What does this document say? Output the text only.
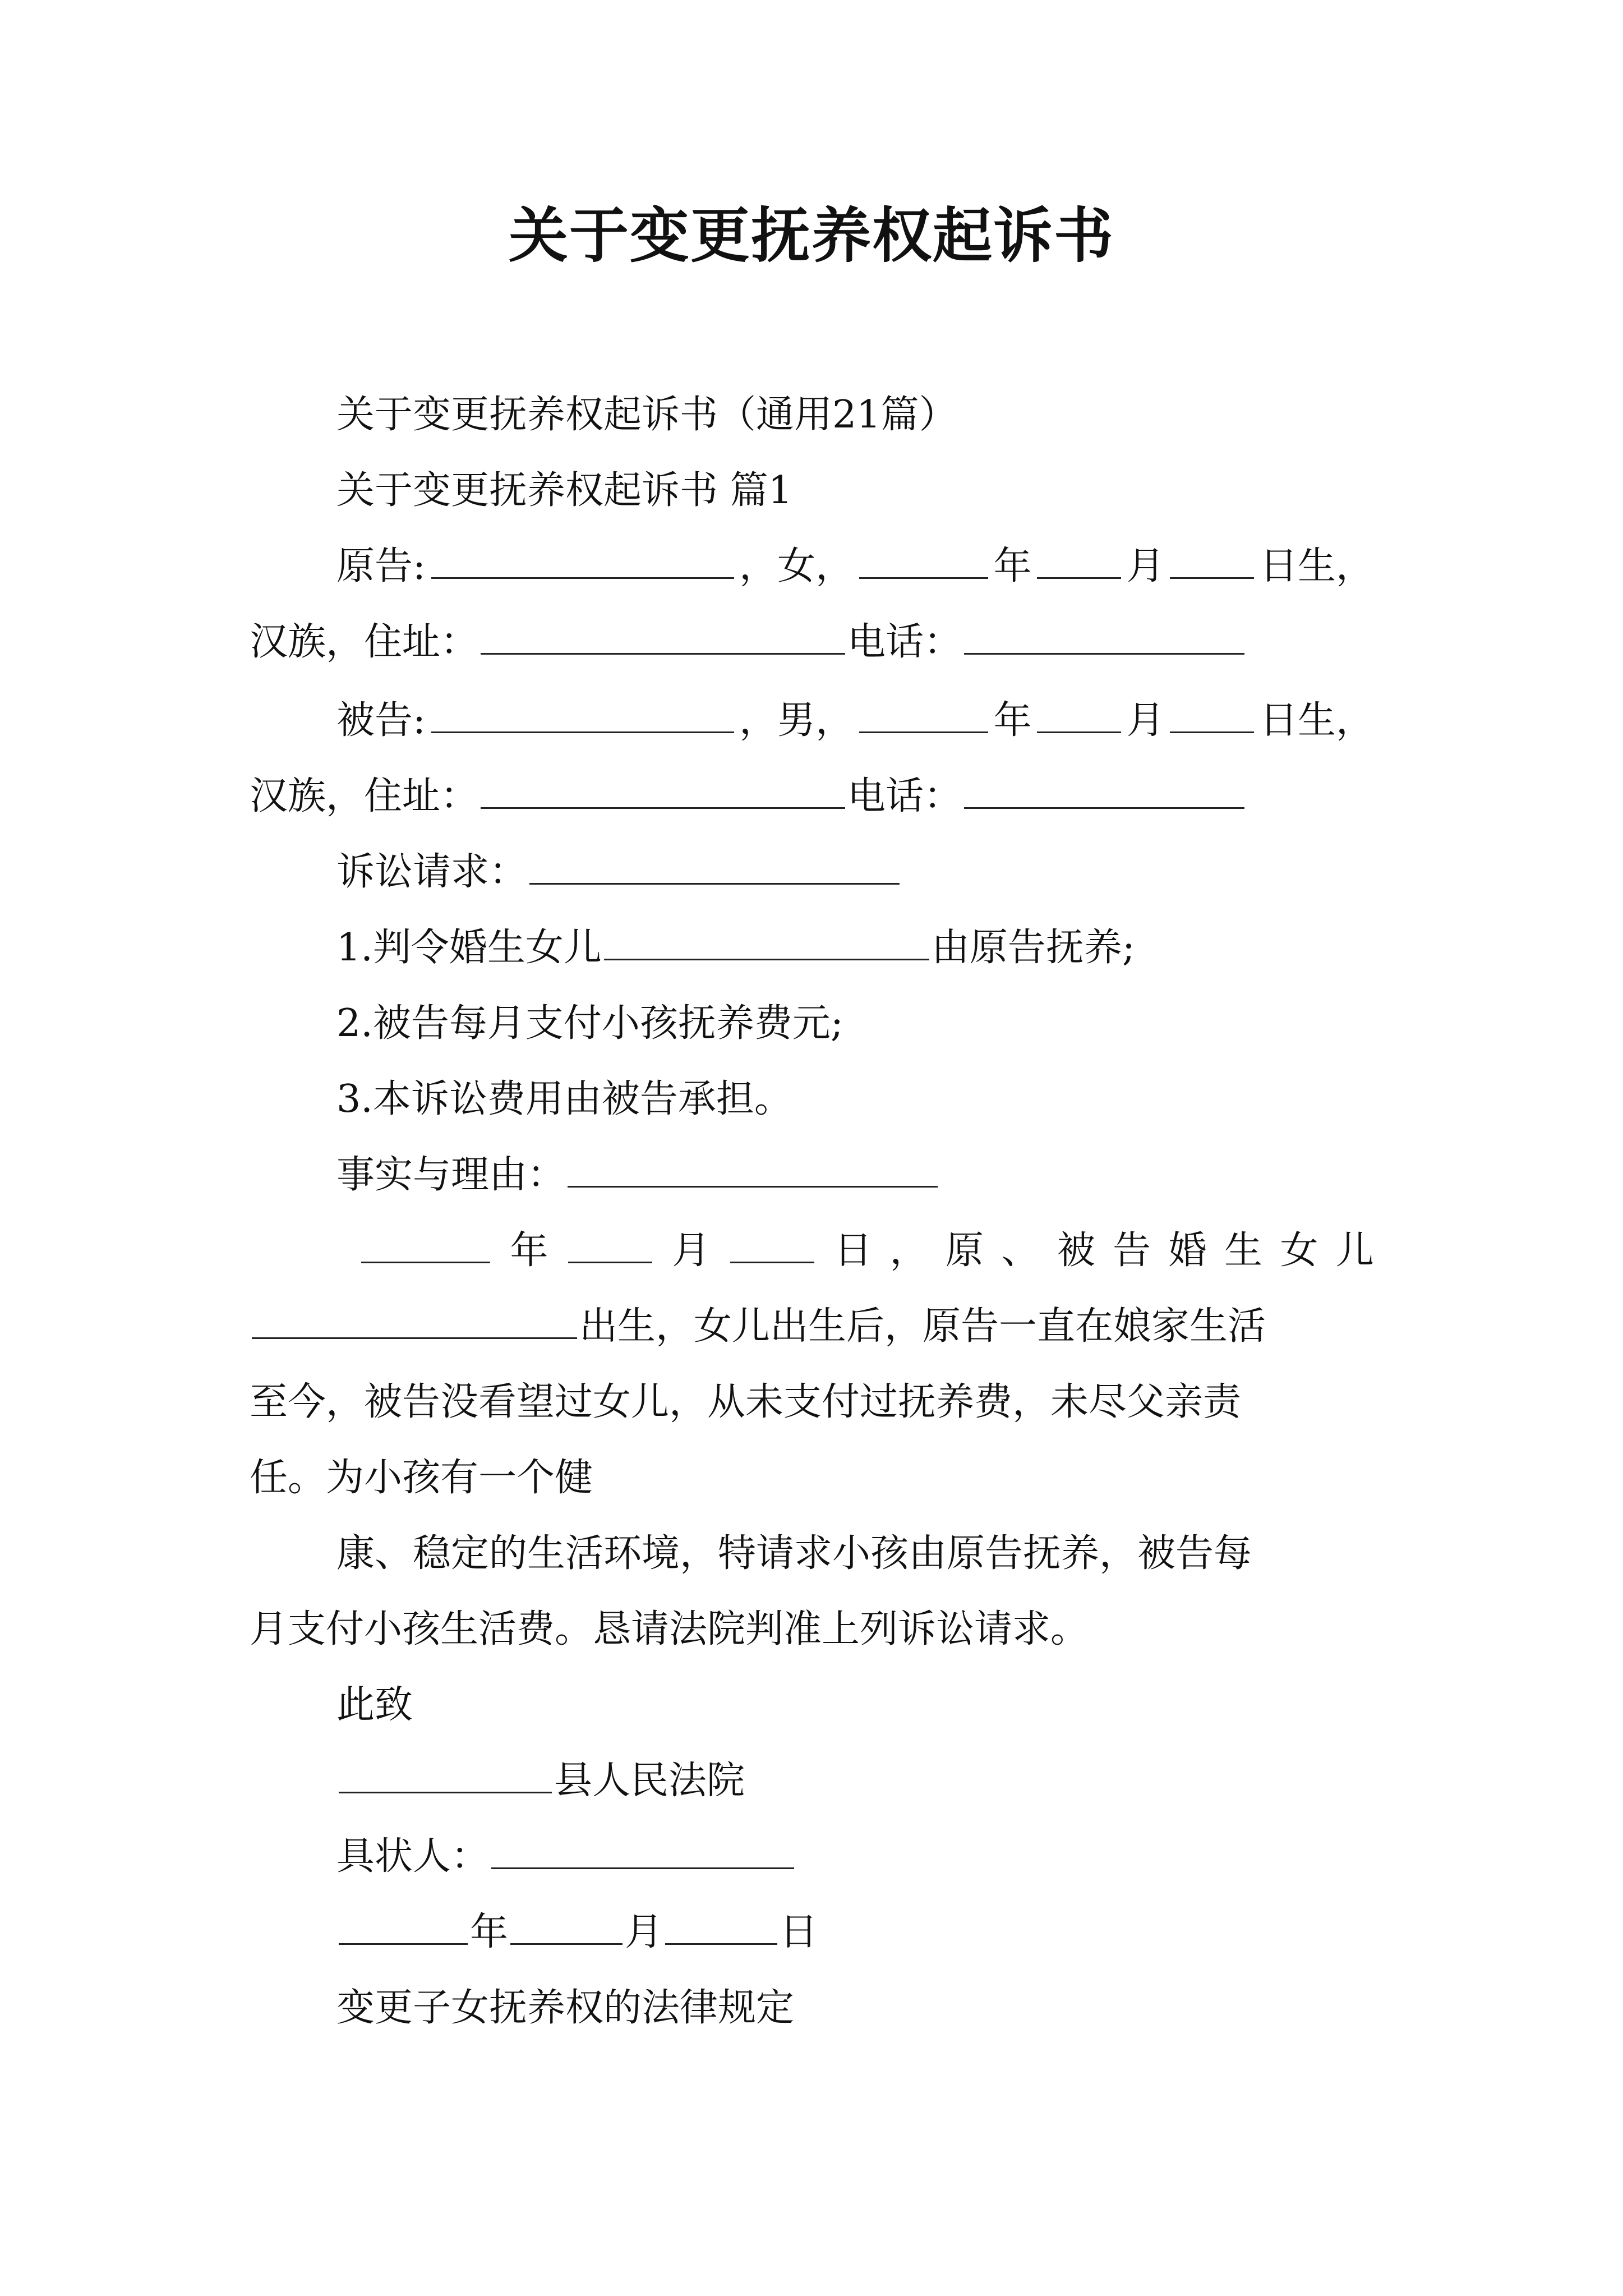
关于变更抚养权起诉书
关于变更抚养权起诉书（通用21篇）
关于变更抚养权起诉书 篇1
原告:	，女，	年 月 日生，
汉族，住址：	电话：
被告:	，男，	年 月 日生，
汉族，住址：	电话：
诉讼请求：
1.判令婚生女儿	由原告抚养;
2.被告每月支付小孩抚养费元;
3.本诉讼费用由被告承担。
事实与理由：
年	月	日 ， 原 、 被 告 婚 生 女 儿
出生，女儿出生后，原告一直在娘家生活
至今，被告没看望过女儿，从未支付过抚养费，未尽父亲责
任。为小孩有一个健
康、稳定的生活环境，特请求小孩由原告抚养，被告每
月支付小孩生活费。恳请法院判准上列诉讼请求。
此致
县人民法院
具状人：
年	月	日
变更子女抚养权的法律规定
